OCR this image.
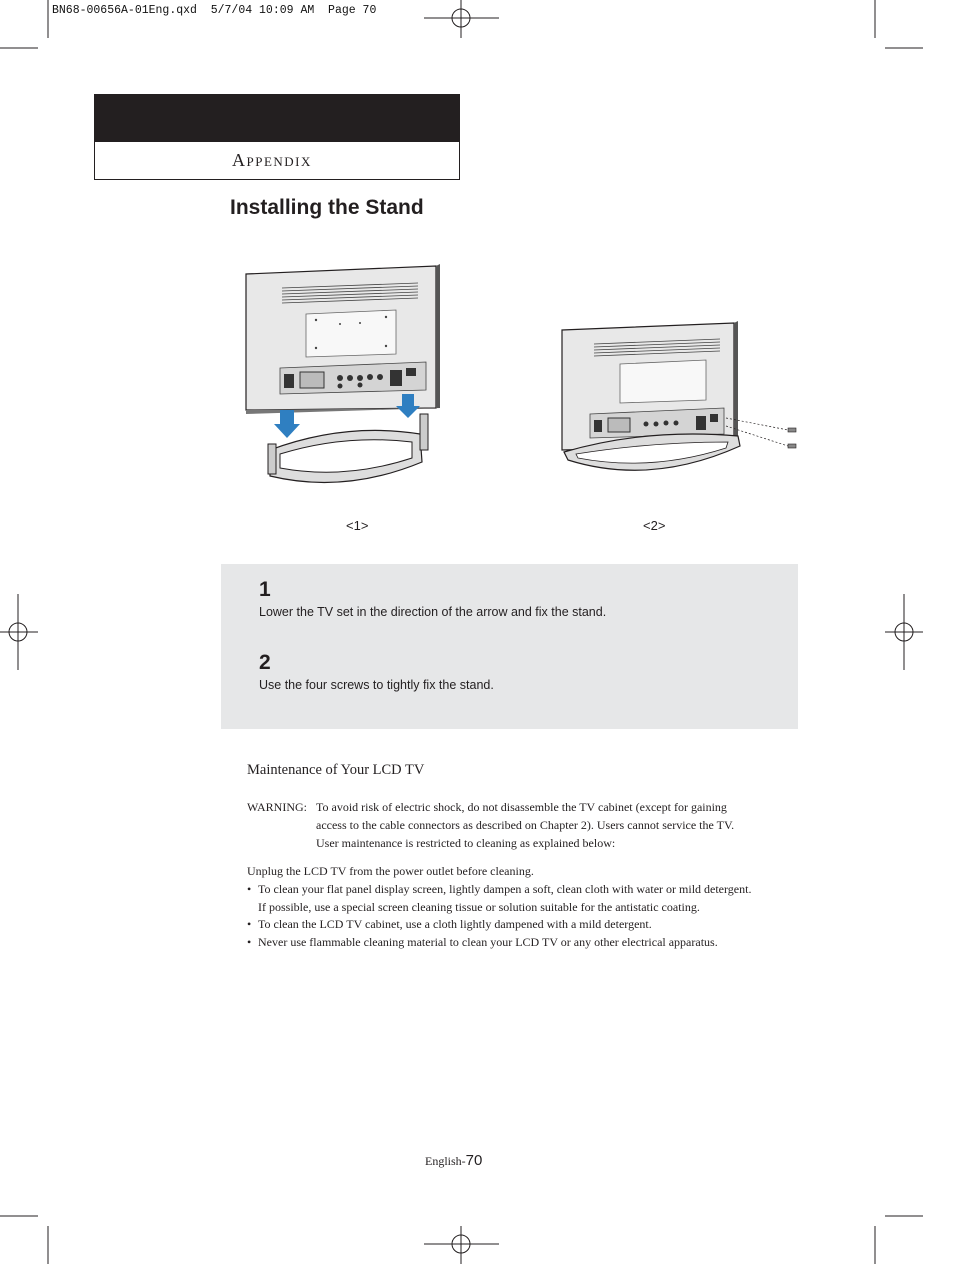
BN68-00656A-01Eng.qxd  5/7/04 10:09 AM  Page 70
APPENDIX
Installing the Stand
<1>	<2>
1
Lower the TV set in the direction of the arrow and fix the stand.
2
Use the four screws to tightly fix the stand.
Maintenance of Your LCD TV
WARNING: To avoid risk of electric shock, do not disassemble the TV cabinet (except for gaining
access to the cable connectors as described on Chapter 2). Users cannot service the TV.
User maintenance is restricted to cleaning as explained below:
Unplug the LCD TV from the power outlet before cleaning.
• To clean your flat panel display screen, lightly dampen a soft, clean cloth with water or mild detergent.
If possible, use a special screen cleaning tissue or solution suitable for the antistatic coating.
• To clean the LCD TV cabinet, use a cloth lightly dampened with a mild detergent.
• Never use flammable cleaning material to clean your LCD TV or any other electrical apparatus.
English-70
